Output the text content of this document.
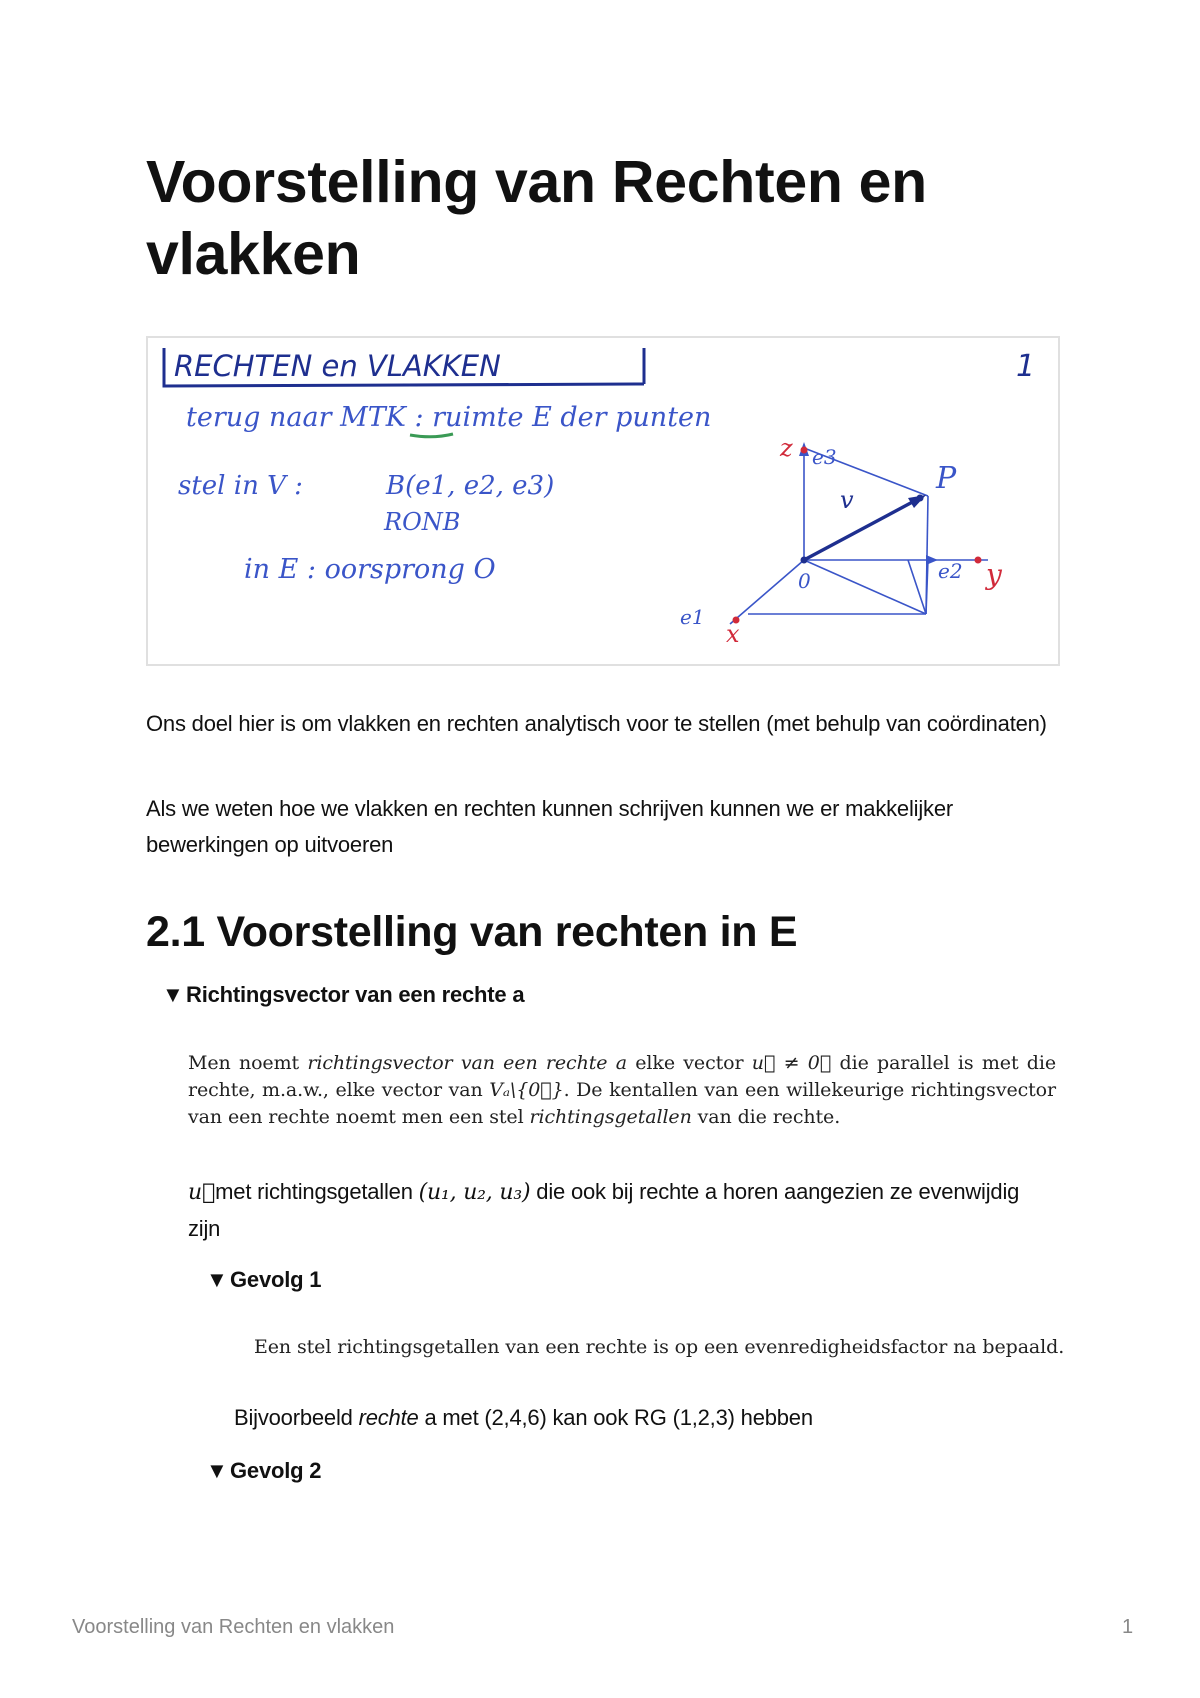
Voorstelling van Rechten en vlakken
RECHTEN en VLAKKEN	1
terug naar MTK : ruimte E der punten
stel in V :	B(e1, e2, e3)
RONB
in E : oorsprong O
P
v
0
z
y
x
e3
e2
e1

Ons doel hier is om vlakken en rechten analytisch voor te stellen (met behulp van coördinaten)

Als we weten hoe we vlakken en rechten kunnen schrijven kunnen we er makkelijker bewerkingen op uitvoeren

2.1 Voorstelling van rechten in E
▼ Richtingsvector van een rechte a

Men noemt richtingsvector van een rechte a elke vector u⃗ ≠ 0⃗ die parallel is met die rechte, m.a.w., elke vector van Vₐ\{0⃗}. De kentallen van een willekeurige richtingsvector van een rechte noemt men een stel richtingsgetallen van die rechte.

u⃗met richtingsgetallen (u₁, u₂, u₃) die ook bij rechte a horen aangezien ze evenwijdig zijn

▼ Gevolg 1

Een stel richtingsgetallen van een rechte is op een evenredigheidsfactor na bepaald.

Bijvoorbeeld rechte a met (2,4,6) kan ook RG (1,2,3) hebben

▼ Gevolg 2
Voorstelling van Rechten en vlakken	1
